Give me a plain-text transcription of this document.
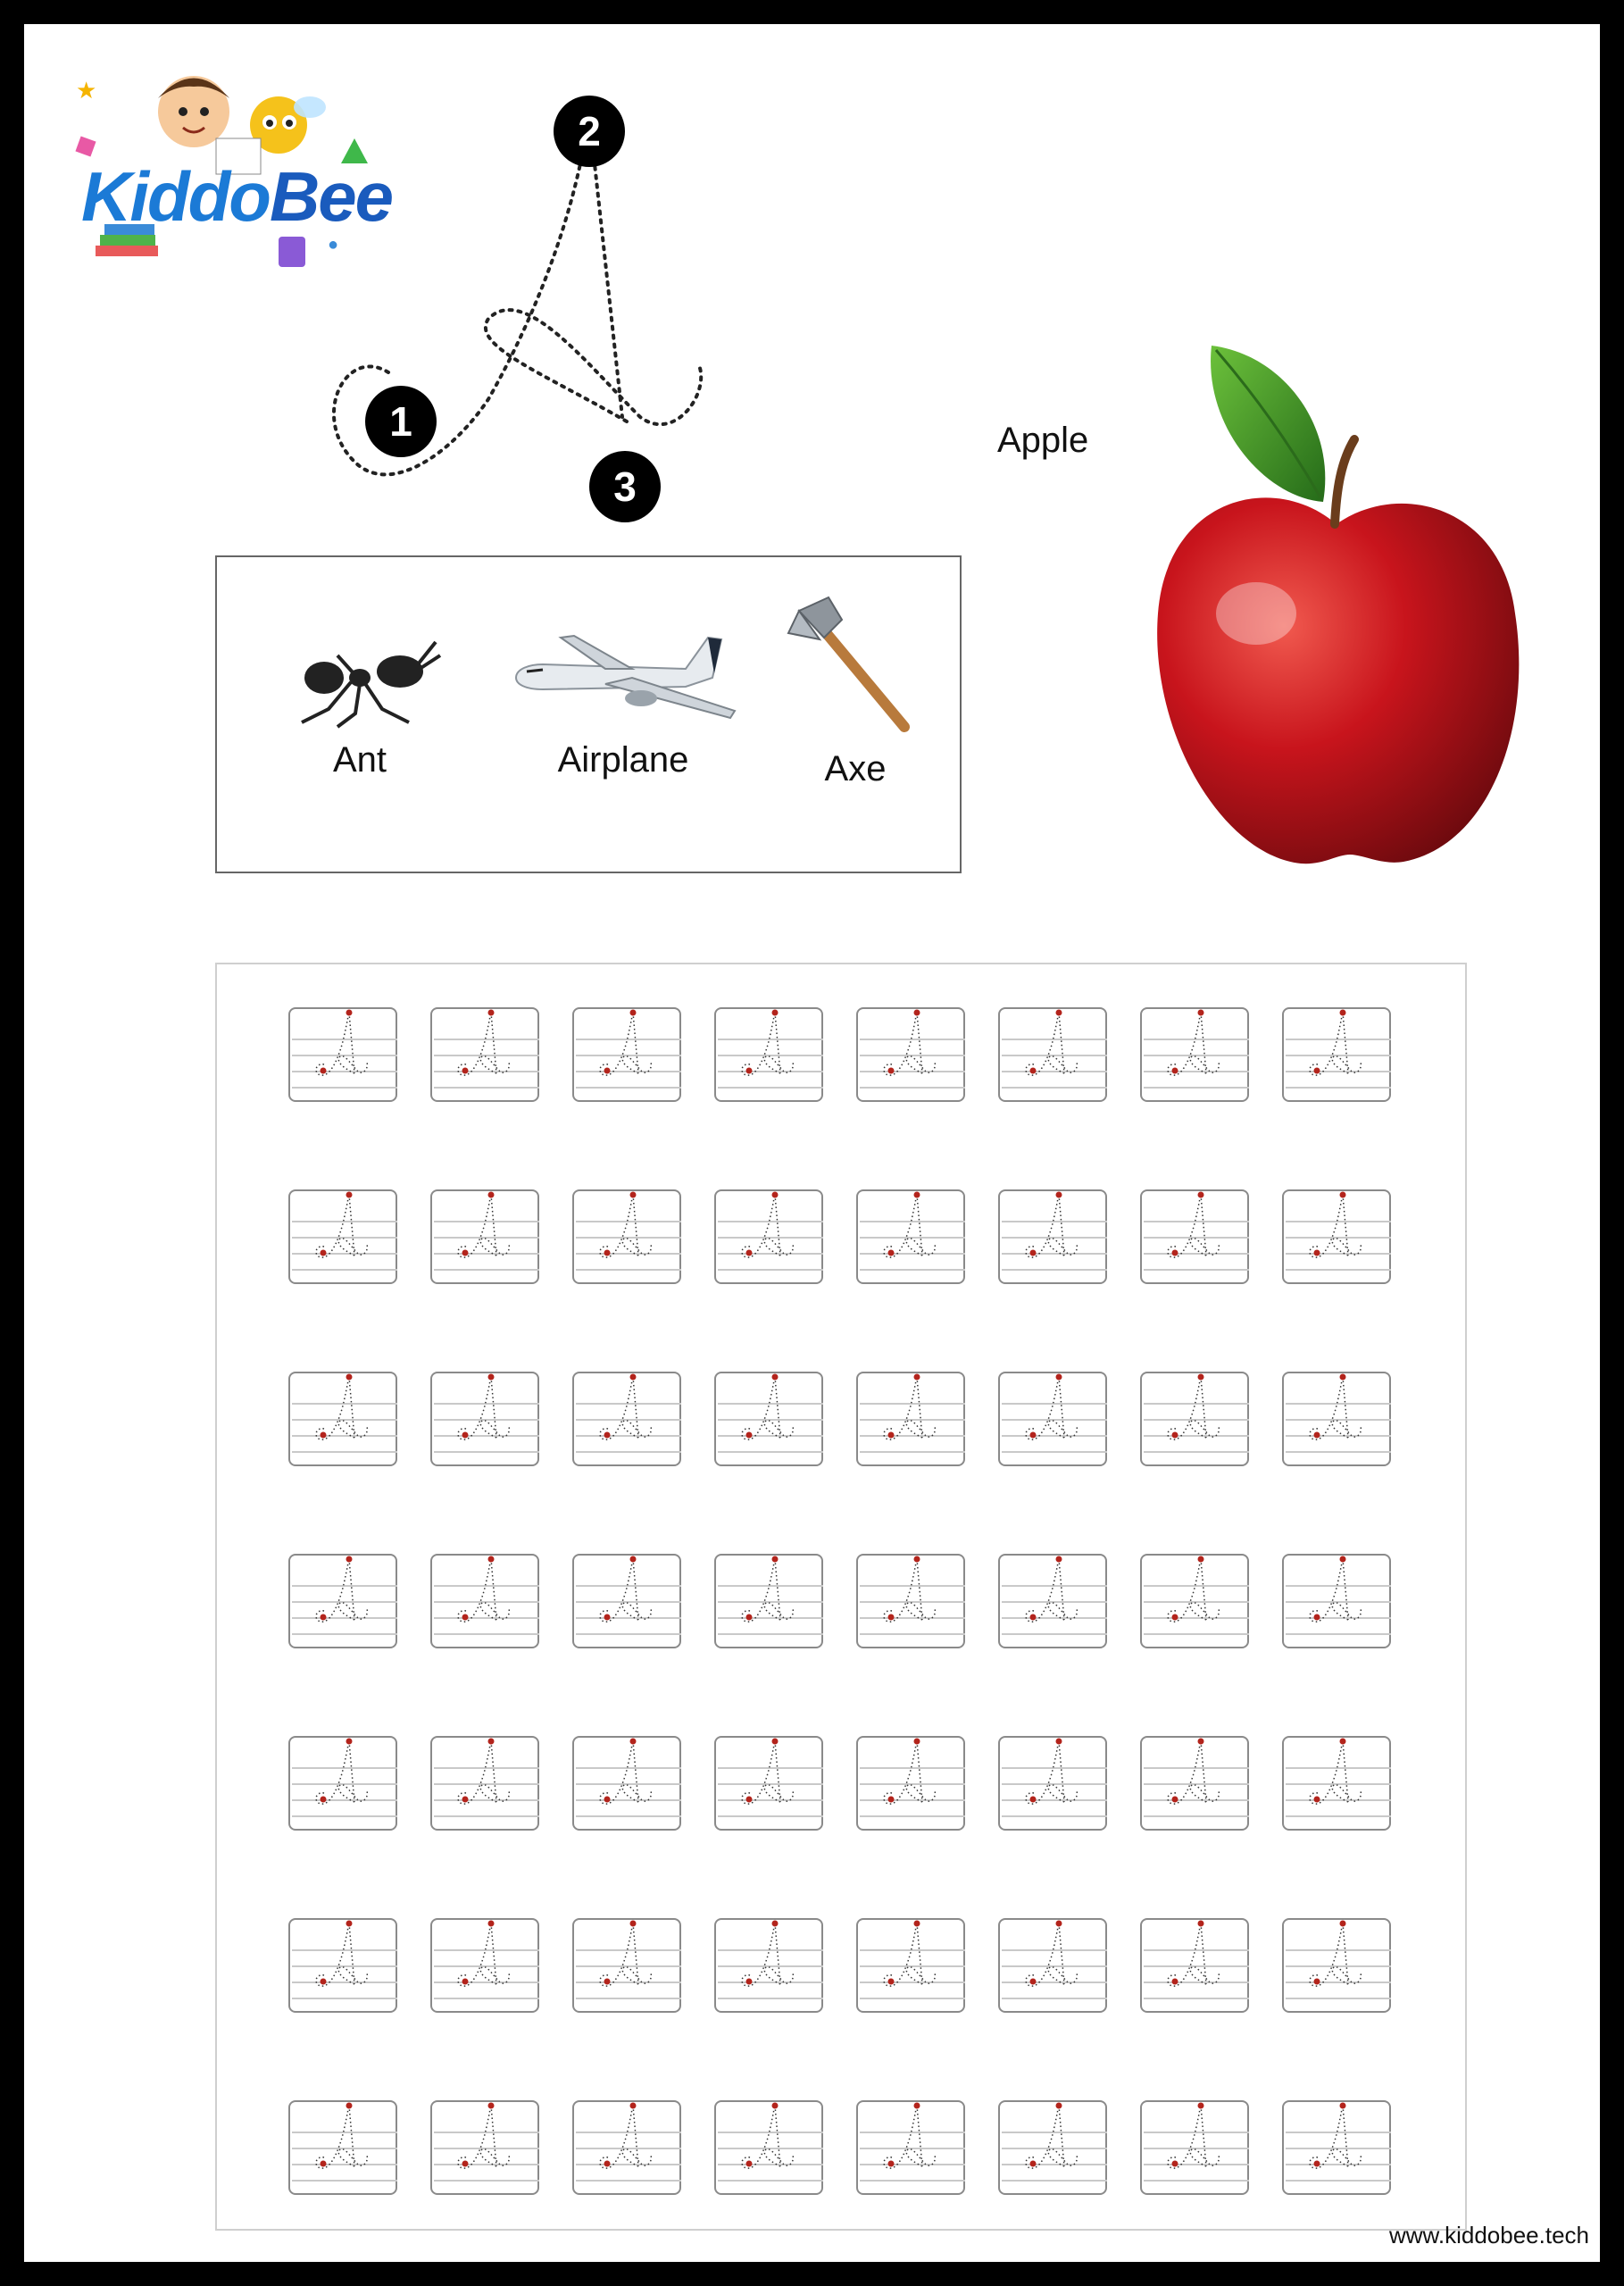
★
●
KiddoBee
1
2
3
Apple
Ant	Airplane	Axe
www.kiddobee.tech
